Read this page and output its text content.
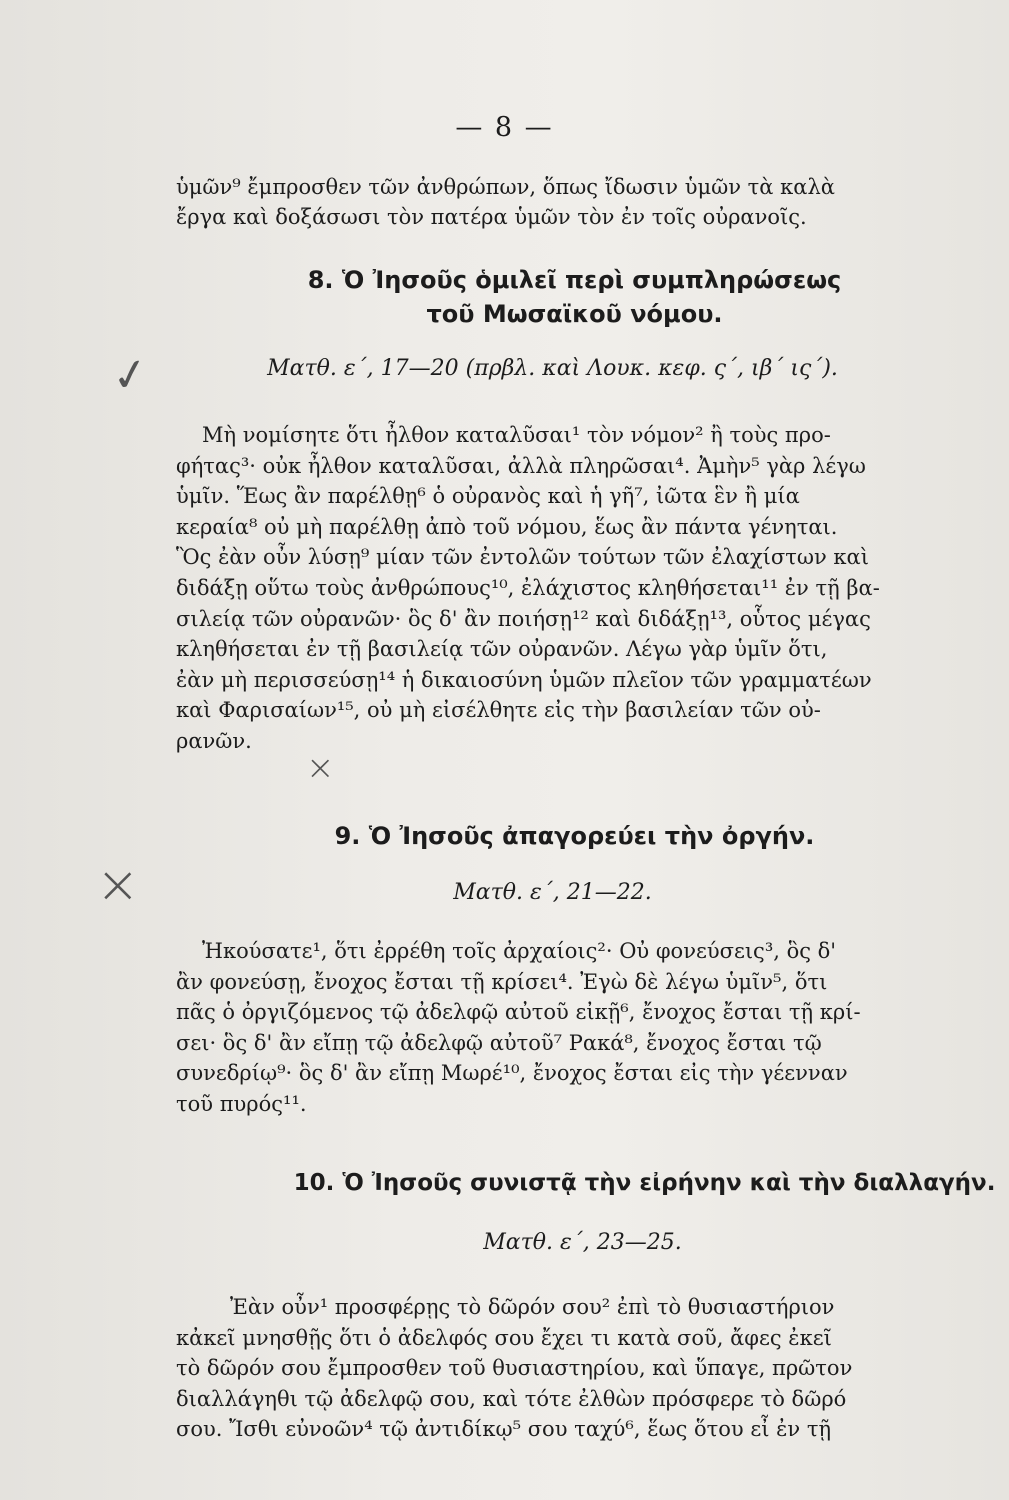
— 8 —
ὑμῶν⁹ ἔμπροσθεν τῶν ἀνθρώπων, ὅπως ἴδωσιν ὑμῶν τὰ καλὰ
ἔργα καὶ δοξάσωσι τὸν πατέρα ὑμῶν τὸν ἐν τοῖς οὐρανοῖς.
8. Ὁ Ἰησοῦς ὁμιλεῖ περὶ συμπληρώσεως
τοῦ Μωσαϊκοῦ νόμου.
Ματθ. ε΄, 17—20 (πρβλ. καὶ Λουκ. κεφ. ς΄, ιβ΄ ις΄).
Μὴ νομίσητε ὅτι ἦλθον καταλῦσαι¹ τὸν νόμον² ἢ τοὺς προ-
φήτας³· οὐκ ἦλθον καταλῦσαι, ἀλλὰ πληρῶσαι⁴. Ἀμὴν⁵ γὰρ λέγω
ὑμῖν. Ἕως ἂν παρέλθῃ⁶ ὁ οὐρανὸς καὶ ἡ γῆ⁷, ἰῶτα ἓν ἢ μία
κεραία⁸ οὐ μὴ παρέλθῃ ἀπὸ τοῦ νόμου, ἕως ἂν πάντα γένηται.
Ὃς ἐὰν οὖν λύσῃ⁹ μίαν τῶν ἐντολῶν τούτων τῶν ἐλαχίστων καὶ
διδάξῃ οὕτω τοὺς ἀνθρώπους¹⁰, ἐλάχιστος κληθήσεται¹¹ ἐν τῇ βα-
σιλείᾳ τῶν οὐρανῶν· ὃς δ' ἂν ποιήσῃ¹² καὶ διδάξῃ¹³, οὗτος μέγας
κληθήσεται ἐν τῇ βασιλείᾳ τῶν οὐρανῶν. Λέγω γὰρ ὑμῖν ὅτι,
ἐὰν μὴ περισσεύσῃ¹⁴ ἡ δικαιοσύνη ὑμῶν πλεῖον τῶν γραμματέων
καὶ Φαρισαίων¹⁵, οὐ μὴ εἰσέλθητε εἰς τὴν βασιλείαν τῶν οὐ-
ρανῶν.
9. Ὁ Ἰησοῦς ἀπαγορεύει τὴν ὀργήν.
Ματθ. ε΄, 21—22.
Ἠκούσατε¹, ὅτι ἐρρέθη τοῖς ἀρχαίοις²· Οὐ φονεύσεις³, ὃς δ'
ἂν φονεύσῃ, ἔνοχος ἔσται τῇ κρίσει⁴. Ἐγὼ δὲ λέγω ὑμῖν⁵, ὅτι
πᾶς ὁ ὀργιζόμενος τῷ ἀδελφῷ αὐτοῦ εἰκῇ⁶, ἔνοχος ἔσται τῇ κρί-
σει· ὃς δ' ἂν εἴπῃ τῷ ἀδελφῷ αὐτοῦ⁷ Ρακά⁸, ἔνοχος ἔσται τῷ
συνεδρίῳ⁹· ὃς δ' ἂν εἴπῃ Μωρέ¹⁰, ἔνοχος ἔσται εἰς τὴν γέενναν
τοῦ πυρός¹¹.
10. Ὁ Ἰησοῦς συνιστᾷ τὴν εἰρήνην καὶ τὴν διαλλαγήν.
Ματθ. ε΄, 23—25.
Ἐὰν οὖν¹ προσφέρῃς τὸ δῶρόν σου² ἐπὶ τὸ θυσιαστήριον
κἀκεῖ μνησθῇς ὅτι ὁ ἀδελφός σου ἔχει τι κατὰ σοῦ, ἄφες ἐκεῖ
τὸ δῶρόν σου ἔμπροσθεν τοῦ θυσιαστηρίου, καὶ ὕπαγε, πρῶτον
διαλλάγηθι τῷ ἀδελφῷ σου, καὶ τότε ἐλθὼν πρόσφερε τὸ δῶρό
σου. Ἴσθι εὐνοῶν⁴ τῷ ἀντιδίκῳ⁵ σου ταχύ⁶, ἕως ὅτου εἶ ἐν τῇ
✓
×
×
